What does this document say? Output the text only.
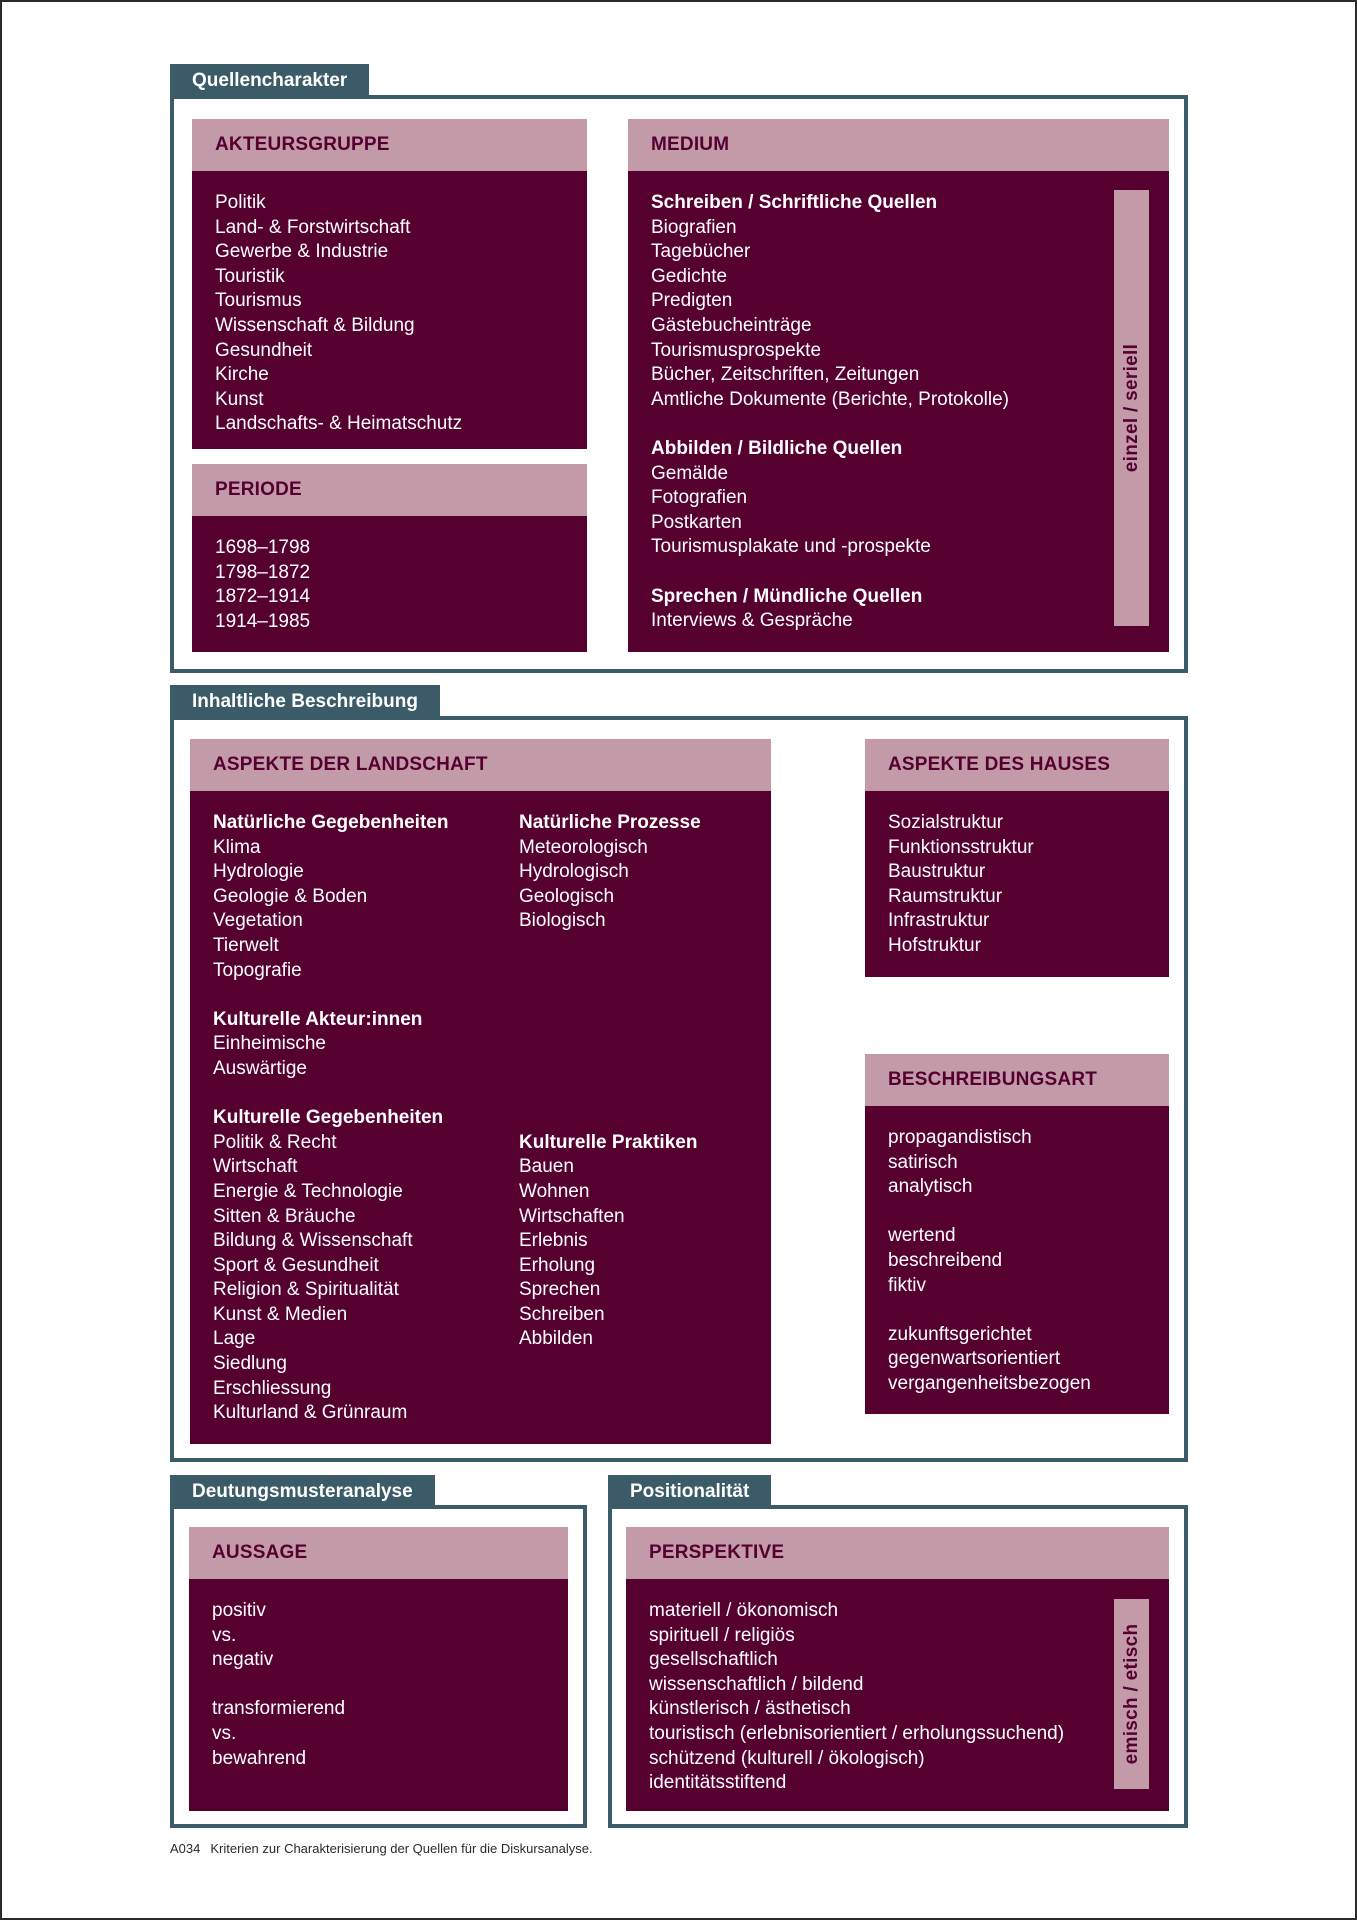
Quellencharakter
AKTEURSGRUPPE
Politik
Land- & Forstwirtschaft
Gewerbe & Industrie
Touristik
Tourismus
Wissenschaft & Bildung
Gesundheit
Kirche
Kunst
Landschafts- & Heimatschutz
PERIODE
1698–1798
1798–1872
1872–1914
1914–1985
MEDIUM
Schreiben / Schriftliche Quellen
Biografien
Tagebücher
Gedichte
Predigten
Gästebucheinträge
Tourismusprospekte
Bücher, Zeitschriften, Zeitungen
Amtliche Dokumente (Berichte, Protokolle)
Abbilden / Bildliche Quellen
Gemälde
Fotografien
Postkarten
Tourismusplakate und -prospekte
Sprechen / Mündliche Quellen
Interviews & Gespräche
einzel / seriell
Inhaltliche Beschreibung
ASPEKTE DER LANDSCHAFT
Natürliche Gegebenheiten
Klima
Hydrologie
Geologie & Boden
Vegetation
Tierwelt
Topografie
Kulturelle Akteur:innen
Einheimische
Auswärtige
Kulturelle Gegebenheiten
Politik & Recht
Wirtschaft
Energie & Technologie
Sitten & Bräuche
Bildung & Wissenschaft
Sport & Gesundheit
Religion & Spiritualität
Kunst & Medien
Lage
Siedlung
Erschliessung
Kulturland & Grünraum
Natürliche Prozesse
Meteorologisch
Hydrologisch
Geologisch
Biologisch
Kulturelle Praktiken
Bauen
Wohnen
Wirtschaften
Erlebnis
Erholung
Sprechen
Schreiben
Abbilden
ASPEKTE DES HAUSES
Sozialstruktur
Funktionsstruktur
Baustruktur
Raumstruktur
Infrastruktur
Hofstruktur
BESCHREIBUNGSART
propagandistisch
satirisch
analytisch
wertend
beschreibend
fiktiv
zukunftsgerichtet
gegenwartsorientiert
vergangenheitsbezogen
Deutungsmusteranalyse
AUSSAGE
positiv
vs.
negativ
transformierend
vs.
bewahrend
Positionalität
PERSPEKTIVE
materiell / ökonomisch
spirituell / religiös
gesellschaftlich
wissenschaftlich / bildend
künstlerisch / ästhetisch
touristisch (erlebnisorientiert / erholungssuchend)
schützend (kulturell / ökologisch)
identitätsstiftend
emisch / etisch
A034 Kriterien zur Charakterisierung der Quellen für die Diskursanalyse.
